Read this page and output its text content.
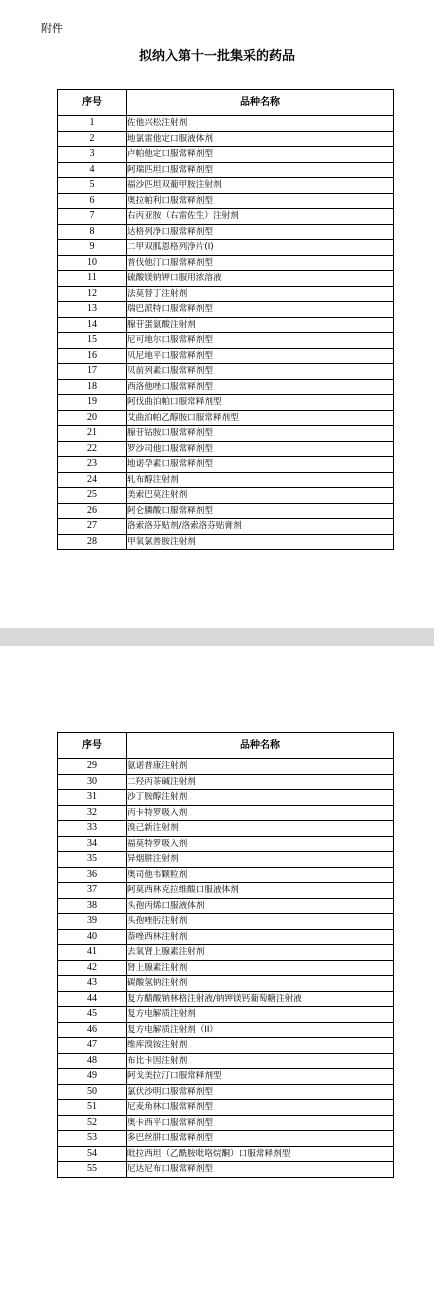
附件
拟纳入第十一批集采的药品
序号	品种名称
1	佐他兴松注射剂
2	地氯雷他定口服液体剂
3	卢帕他定口服常释剂型
4	阿瑞匹坦口服常释剂型
5	福沙匹坦双葡甲胺注射剂
6	奥拉帕利口服常释剂型
7	右丙亚胺（右雷佐生）注射剂
8	达格列净口服常释剂型
9	二甲双胍恩格列净片(I)
10	普伐他汀口服常释剂型
11	硫酸镁钠钾口服用浓溶液
12	法莫替丁注射剂
13	瑞巴派特口服常释剂型
14	腺苷蛋氨酸注射剂
15	尼可地尔口服常释剂型
16	贝尼地平口服常释剂型
17	贝前列素口服常释剂型
18	西洛他唑口服常释剂型
19	阿伐曲泊帕口服常释剂型
20	艾曲泊帕乙醇胺口服常释剂型
21	腺苷钴胺口服常释剂型
22	罗沙司他口服常释剂型
23	地诺孕素口服常释剂型
24	轧布醇注射剂
25	美索巴莫注射剂
26	阿仑膦酸口服常释剂型
27	洛索洛芬贴剂/洛索洛芬贴膏剂
28	甲氧氯普胺注射剂
序号	品种名称
29	氨诺普康注射剂
30	二羟丙茶碱注射剂
31	沙丁胺醇注射剂
32	丙卡特罗吸入剂
33	溴己新注射剂
34	福莫特罗吸入剂
35	异烟肼注射剂
36	奥司他韦颗粒剂
37	阿莫西林克拉维酸口服液体剂
38	头孢丙烯口服液体剂
39	头孢唑肟注射剂
40	萘唑西林注射剂
41	去氧肾上腺素注射剂
42	肾上腺素注射剂
43	碳酸氢钠注射剂
44	复方醋酸钠林格注射液/钠钾镁钙葡萄糖注射液
45	复方电解质注射剂
46	复方电解质注射剂（II）
47	维库溴铵注射剂
48	布比卡因注射剂
49	阿戈美拉汀口服常释剂型
50	氯伏沙明口服常释剂型
51	尼麦角林口服常释剂型
52	奥卡西平口服常释剂型
53	多巴丝肼口服常释剂型
54	吡拉西坦（乙酰胺吡咯烷酮）口服常释剂型
55	尼达尼布口服常释剂型
